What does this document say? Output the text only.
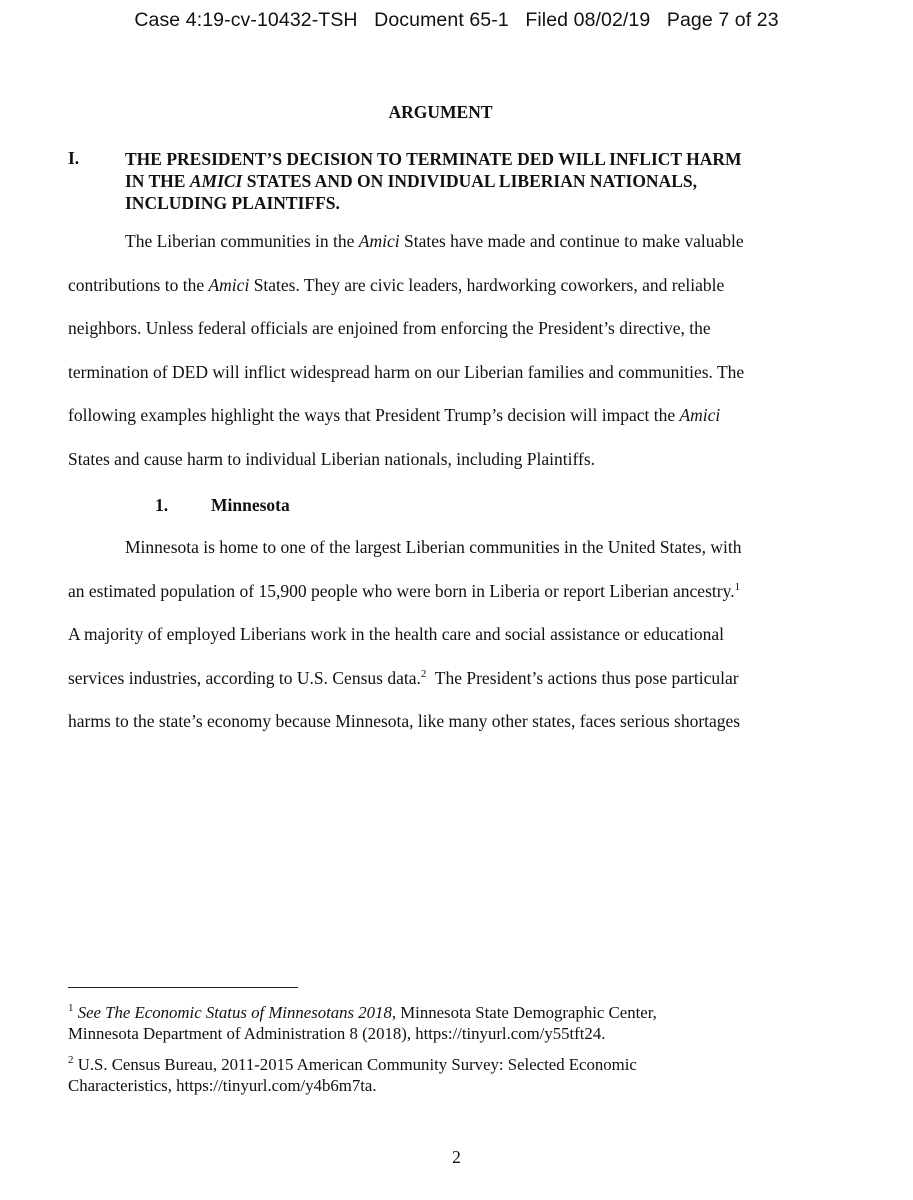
Case 4:19-cv-10432-TSH   Document 65-1   Filed 08/02/19   Page 7 of 23
ARGUMENT
I.	THE PRESIDENT’S DECISION TO TERMINATE DED WILL INFLICT HARM
IN THE AMICI STATES AND ON INDIVIDUAL LIBERIAN NATIONALS,
INCLUDING PLAINTIFFS.
The Liberian communities in the Amici States have made and continue to make valuable
contributions to the Amici States. They are civic leaders, hardworking coworkers, and reliable
neighbors. Unless federal officials are enjoined from enforcing the President’s directive, the
termination of DED will inflict widespread harm on our Liberian families and communities. The
following examples highlight the ways that President Trump’s decision will impact the Amici
States and cause harm to individual Liberian nationals, including Plaintiffs.
1. Minnesota
Minnesota is home to one of the largest Liberian communities in the United States, with
an estimated population of 15,900 people who were born in Liberia or report Liberian ancestry.$^1$
A majority of employed Liberians work in the health care and social assistance or educational
services industries, according to U.S. Census data.$^2$  The President’s actions thus pose particular
harms to the state’s economy because Minnesota, like many other states, faces serious shortages
$^1$ See The Economic Status of Minnesotans 2018, Minnesota State Demographic Center,
Minnesota Department of Administration 8 (2018), https://tinyurl.com/y55tft24.
$^2$ U.S. Census Bureau, 2011-2015 American Community Survey: Selected Economic
Characteristics, https://tinyurl.com/y4b6m7ta.
2
